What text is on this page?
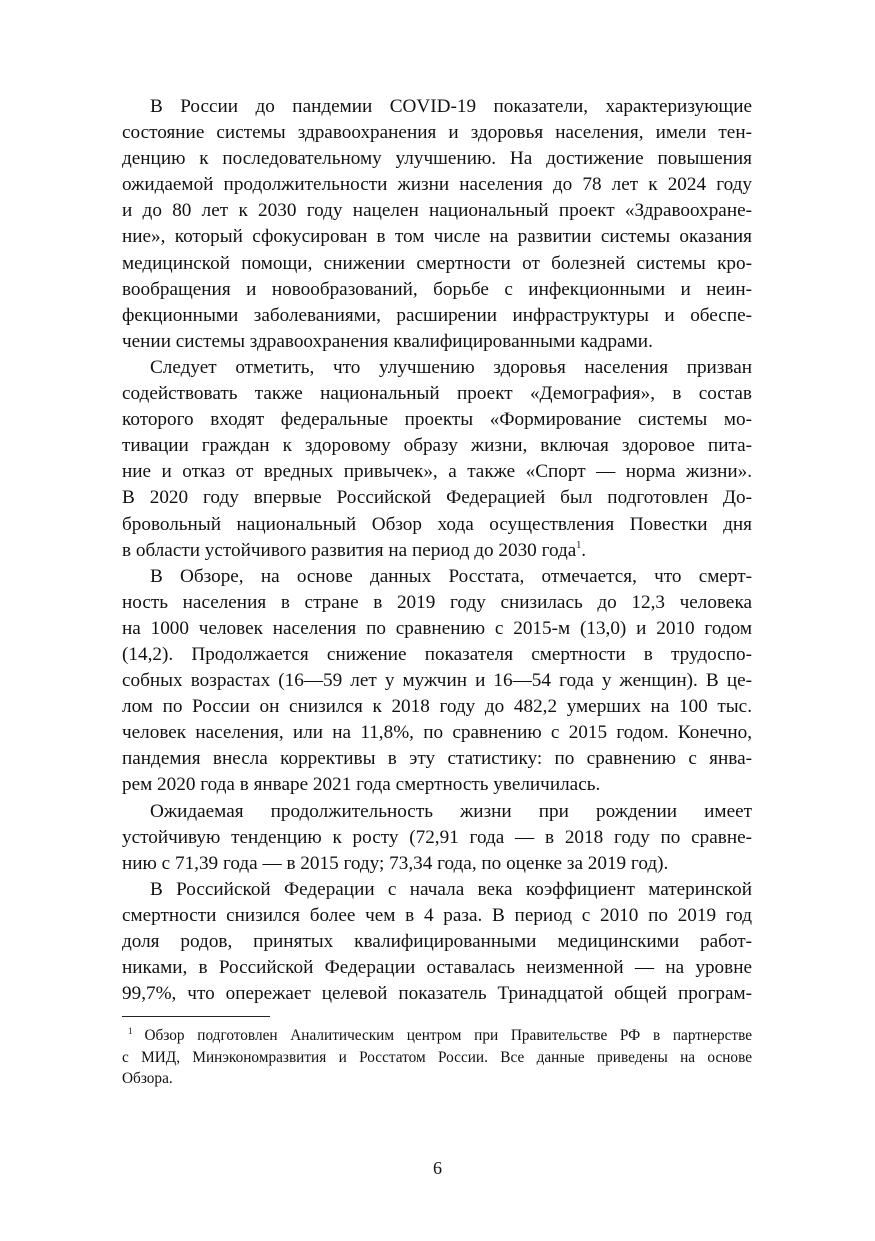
В России до пандемии COVID-19 показатели, характеризующие
состояние системы здравоохранения и здоровья населения, имели тен-
денцию к последовательному улучшению. На достижение повышения
ожидаемой продолжительности жизни населения до 78 лет к 2024 году
и до 80 лет к 2030 году нацелен национальный проект «Здравоохране-
ние», который сфокусирован в том числе на развитии системы оказания
медицинской помощи, снижении смертности от болезней системы кро-
вообращения и новообразований, борьбе с инфекционными и неин-
фекционными заболеваниями, расширении инфраструктуры и обеспе-
чении системы здравоохранения квалифицированными кадрами.
Следует отметить, что улучшению здоровья населения призван
содействовать также национальный проект «Демография», в состав
которого входят федеральные проекты «Формирование системы мо-
тивации граждан к здоровому образу жизни, включая здоровое пита-
ние и отказ от вредных привычек», а также «Спорт — норма жизни».
В 2020 году впервые Российской Федерацией был подготовлен До-
бровольный национальный Обзор хода осуществления Повестки дня
в области устойчивого развития на период до 2030 года$^1$.
В Обзоре, на основе данных Росстата, отмечается, что смерт-
ность населения в стране в 2019 году снизилась до 12,3 человека
на 1000 человек населения по сравнению с 2015-м (13,0) и 2010 годом
(14,2). Продолжается снижение показателя смертности в трудоспо-
собных возрастах (16—59 лет у мужчин и 16—54 года у женщин). В це-
лом по России он снизился к 2018 году до 482,2 умерших на 100 тыс.
человек населения, или на 11,8%, по сравнению с 2015 годом. Конечно,
пандемия внесла коррективы в эту статистику: по сравнению с янва-
рем 2020 года в январе 2021 года смертность увеличилась.
Ожидаемая продолжительность жизни при рождении имеет
устойчивую тенденцию к росту (72,91 года — в 2018 году по сравне-
нию с 71,39 года — в 2015 году; 73,34 года, по оценке за 2019 год).
В Российской Федерации с начала века коэффициент материнской
смертности снизился более чем в 4 раза. В период с 2010 по 2019 год
доля родов, принятых квалифицированными медицинскими работ-
никами, в Российской Федерации оставалась неизменной — на уровне
99,7%, что опережает целевой показатель Тринадцатой общей програм-
$^1$ Обзор подготовлен Аналитическим центром при Правительстве РФ в партнерстве
с МИД, Минэкономразвития и Росстатом России. Все данные приведены на основе
Обзора.
6
